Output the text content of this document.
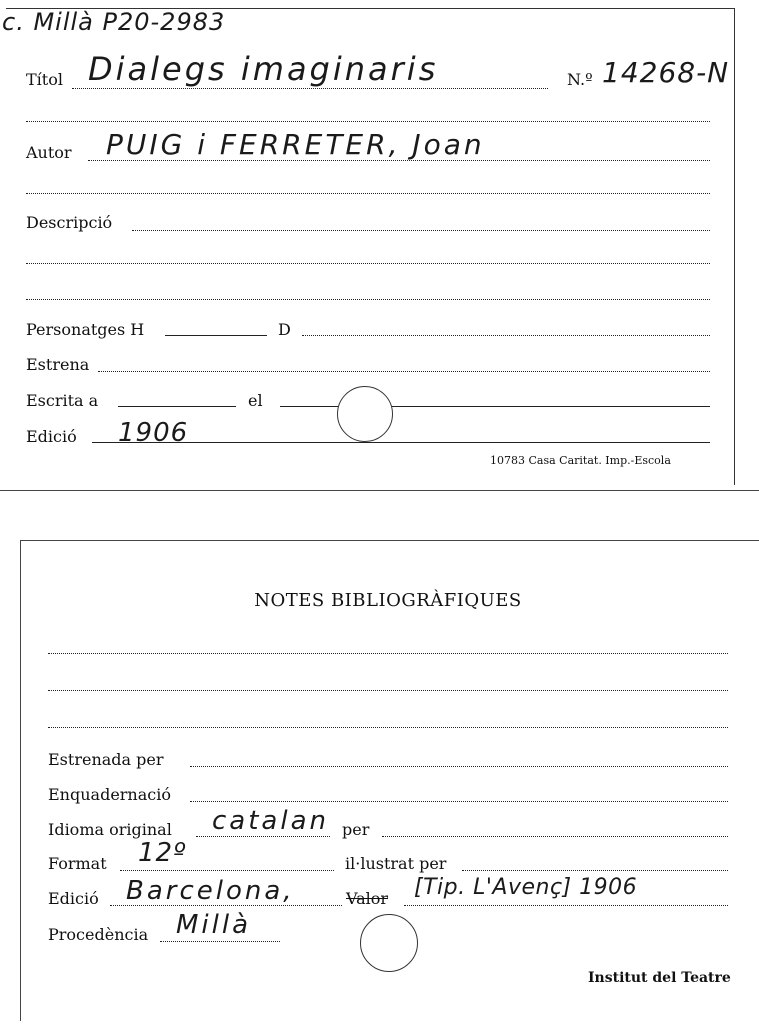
c. Millà P20-2983
Títol Dialegs imaginaris	N.º 14268-N
Autor PUIG i FERRETER, Joan
Descripció
Personatges H	D
Estrena
Escrita a	el
Edició 1906
10783 Casa Caritat. Imp.-Escola
NOTES BIBLIOGRÀFIQUES
Estrenada per
Enquadernació
Idioma original catalan per
Format 12º	il·lustrat per
Edició Barcelona,	Valor [Tip. L'Avenç] 1906
Procedència Millà
Institut del Teatre
